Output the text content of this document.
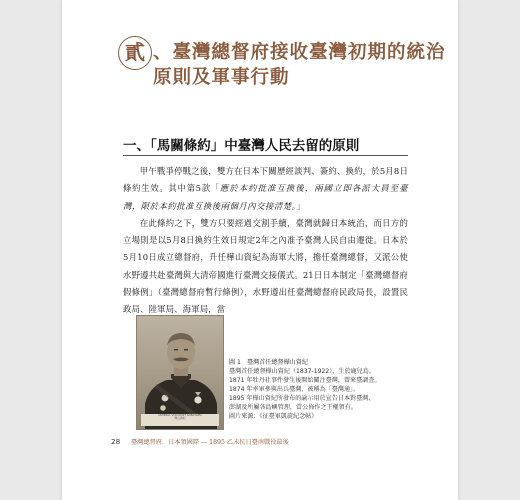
貳 、臺灣總督府接收臺灣初期的統治
原則及軍事行動
一、「馬關條約」中臺灣人民去留的原則

甲午戰爭停戰之後，雙方在日本下關歷經談判、簽約、換約，於5月8日條約生效。其中第5款「應於本約批准互換後，兩國立即各派大員至臺灣，限於本約批准互換後兩個月內交接清楚。」

在此條約之下，雙方只要經過交割手續，臺灣就歸日本統治，而日方的立場則是以5月8日換約生效日規定2年之內准予臺灣人民自由遷徙。日本於5月10日成立總督府，升任樺山資紀為海軍大將，擔任臺灣總督，又派公使水野遵共赴臺灣與大清帝國進行臺灣交接儀式。21日日本制定「臺灣總督府假條例」（臺灣總督府暫行條例），水野遵出任臺灣總督府民政局長，設置民政局、陸軍局、海軍局，當

ADMIRAL VISCOUNT KABAYAMA
樺山資紀
圖 1　臺灣首任總督樺山資紀
臺灣首任總督樺山資紀（1837-1922），生於鹿兒島。
1871 年牡丹社事件發生後開始關注臺灣，曾來臺調查。
1874 年率軍參與出兵臺灣，被稱為「臺灣通」。
1895 年樺山資紀所發布的諭示用於宣告日本對臺灣、
澎湖及所屬各島嶼管理，當公佈作之王權領有。
圖片來源：《征臺軍凱旋紀念帖》
28 臺灣總督府．日本領國際 — 1895 乙未抗日臺南戰役最後
